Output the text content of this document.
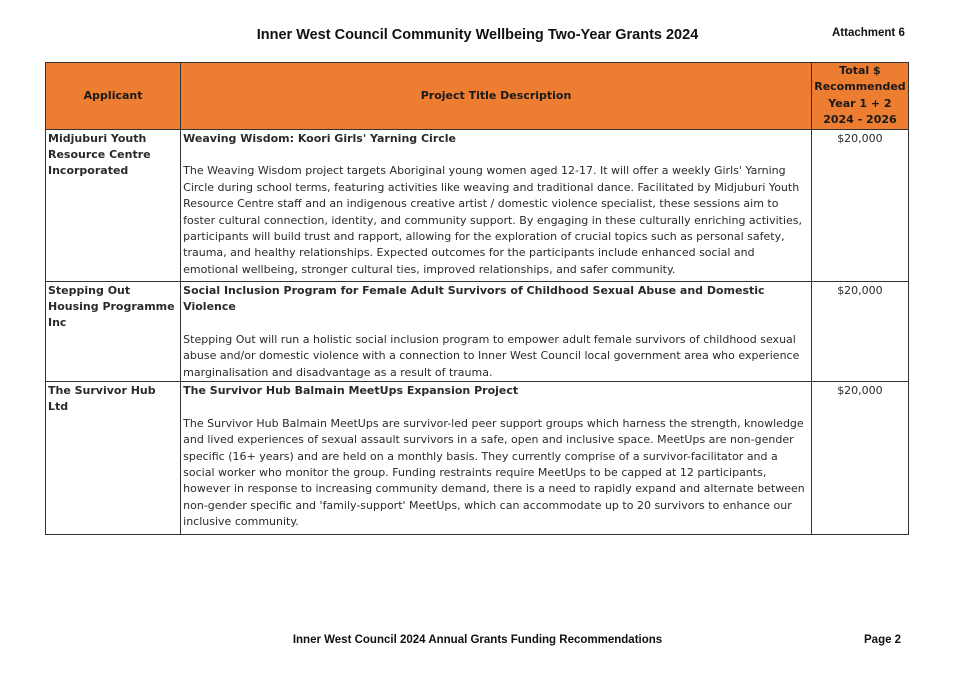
Inner West Council Community Wellbeing Two-Year Grants 2024	Attachment 6
Applicant	Project Title Description	Total $
Recommended
Year 1 + 2
2024 - 2026

Midjuburi Youth Resource Centre Incorporated	Weaving Wisdom: Koori Girls' Yarning Circle
The Weaving Wisdom project targets Aboriginal young women aged 12-17. It will offer a weekly Girls' Yarning Circle during school terms, featuring activities like weaving and traditional dance. Facilitated by Midjuburi Youth Resource Centre staff and an indigenous creative artist / domestic violence specialist, these sessions aim to foster cultural connection, identity, and community support. By engaging in these culturally enriching activities, participants will build trust and rapport, allowing for the exploration of crucial topics such as personal safety, trauma, and healthy relationships. Expected outcomes for the participants include enhanced social and emotional wellbeing, stronger cultural ties, improved relationships, and safer community.	$20,000
Stepping Out Housing Programme Inc	Social Inclusion Program for Female Adult Survivors of Childhood Sexual Abuse and Domestic Violence
Stepping Out will run a holistic social inclusion program to empower adult female survivors of childhood sexual abuse and/or domestic violence with a connection to Inner West Council local government area who experience marginalisation and disadvantage as a result of trauma.	$20,000
The Survivor Hub Ltd	The Survivor Hub Balmain MeetUps Expansion Project
The Survivor Hub Balmain MeetUps are survivor-led peer support groups which harness the strength, knowledge and lived experiences of sexual assault survivors in a safe, open and inclusive space. MeetUps are non-gender specific (16+ years) and are held on a monthly basis. They currently comprise of a survivor-facilitator and a social worker who monitor the group. Funding restraints require MeetUps to be capped at 12 participants, however in response to increasing community demand, there is a need to rapidly expand and alternate between non-gender specific and 'family-support' MeetUps, which can accommodate up to 20 survivors to enhance our inclusive community.	$20,000
Inner West Council 2024 Annual Grants Funding Recommendations	Page 2
